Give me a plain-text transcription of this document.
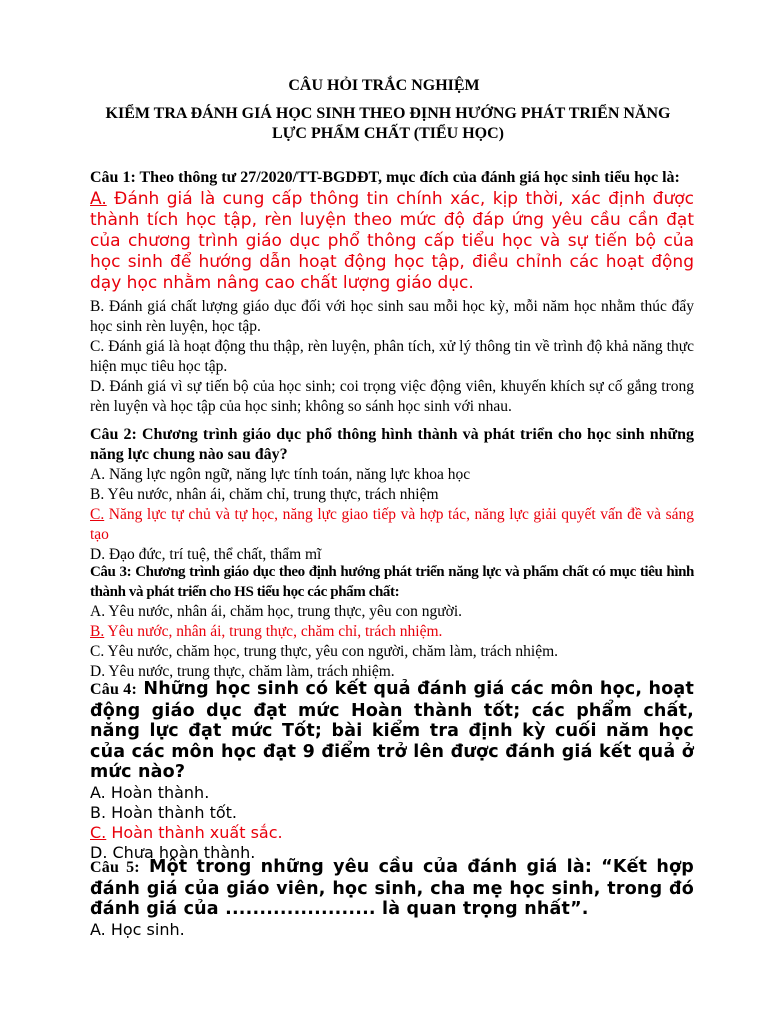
CÂU HỎI TRẮC NGHIỆM

KIỂM TRA ĐÁNH GIÁ HỌC SINH THEO ĐỊNH HƯỚNG PHÁT TRIỂN NĂNG LỰC PHẨM CHẤT (TIỂU HỌC)

Câu 1: Theo thông tư 27/2020/TT-BGDĐT, mục đích của đánh giá học sinh tiểu học là:

A. Đánh giá là cung cấp thông tin chính xác, kịp thời, xác định được thành tích học tập, rèn luyện theo mức độ đáp ứng yêu cầu cần đạt của chương trình giáo dục phổ thông cấp tiểu học và sự tiến bộ của học sinh để hướng dẫn hoạt động học tập, điều chỉnh các hoạt động dạy học nhằm nâng cao chất lượng giáo dục.

B. Đánh giá chất lượng giáo dục đối với học sinh sau mỗi học kỳ, mỗi năm học nhằm thúc đẩy học sinh rèn luyện, học tập.

C. Đánh giá là hoạt động thu thập, rèn luyện, phân tích, xử lý thông tin về trình độ khả năng thực hiện mục tiêu học tập.

D. Đánh giá vì sự tiến bộ của học sinh; coi trọng việc động viên, khuyến khích sự cố gắng trong rèn luyện và học tập của học sinh; không so sánh học sinh với nhau.

Câu 2: Chương trình giáo dục phổ thông hình thành và phát triển cho học sinh những năng lực chung nào sau đây?

A. Năng lực ngôn ngữ, năng lực tính toán, năng lực khoa học

B. Yêu nước, nhân ái, chăm chỉ, trung thực, trách nhiệm

C. Năng lực tự chủ và tự học, năng lực giao tiếp và hợp tác, năng lực giải quyết vấn đề và sáng tạo

D. Đạo đức, trí tuệ, thể chất, thẩm mĩ

Câu 3: Chương trình giáo dục theo định hướng phát triển năng lực và phẩm chất có mục tiêu hình thành và phát triển cho HS tiểu học các phẩm chất:

A. Yêu nước, nhân ái, chăm học, trung thực, yêu con người.

B. Yêu nước, nhân ái, trung thực, chăm chỉ, trách nhiệm.

C. Yêu nước, chăm học, trung thực, yêu con người, chăm làm, trách nhiệm.

D. Yêu nước, trung thực, chăm làm, trách nhiệm.

Câu 4: Những học sinh có kết quả đánh giá các môn học, hoạt động giáo dục đạt mức Hoàn thành tốt; các phẩm chất, năng lực đạt mức Tốt; bài kiểm tra định kỳ cuối năm học của các môn học đạt 9 điểm trở lên được đánh giá kết quả ở mức nào?

A. Hoàn thành.

B. Hoàn thành tốt.

C. Hoàn thành xuất sắc.

D. Chưa hoàn thành.

Câu 5: Một trong những yêu cầu của đánh giá là: “Kết hợp đánh giá của giáo viên, học sinh, cha mẹ học sinh, trong đó đánh giá của ...................... là quan trọng nhất”.

A. Học sinh.
